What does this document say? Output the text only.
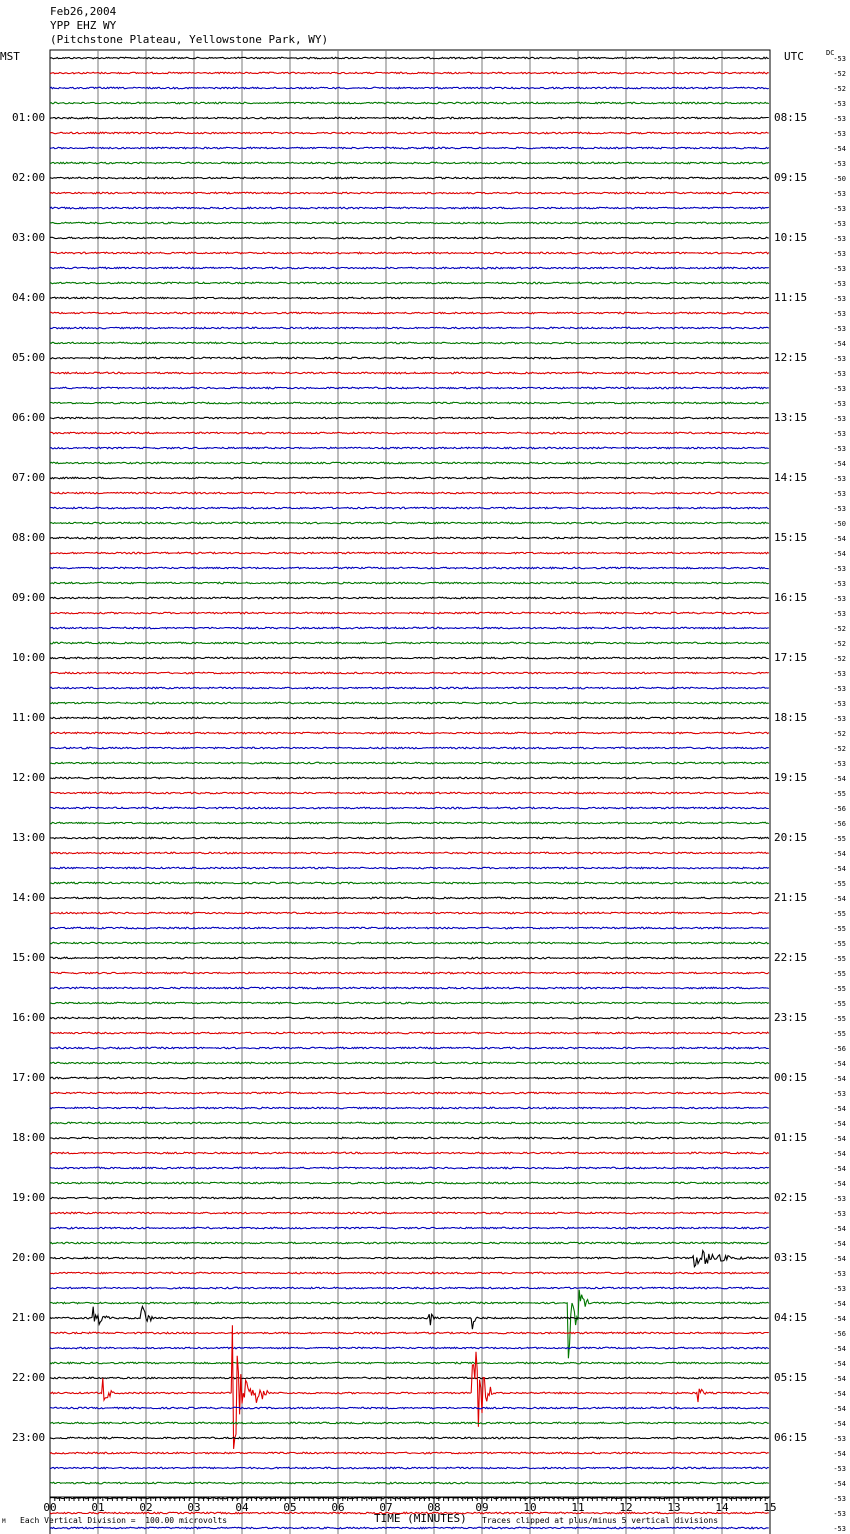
Feb26,2004
YPP EHZ WY
(Pitchstone Plateau, Yellowstone Park, WY)
MST	UTC	DC
00	01	02	03	04	05	06	07	08	09	10	11	12	13	14	15
-53
-52
-52
-53
-53
-53
-54
-53
-50
-53
-53
-53
-53
-53
-53
-53
-53
-53
-53
-54
-53
-53
-53
-53
-53
-53
-53
-54
-53
-53
-53
-50
-54
-54
-53
-53
-53
-53
-52
-52
-52
-53
-53
-53
-53
-52
-52
-53
-54
-55
-56
-56
-55
-54
-54
-55
-54
-55
-55
-55
-55
-55
-55
-55
-55
-55
-56
-54
-54
-53
-54
-54
-54
-54
-54
-54
-53
-53
-54
-54
-54
-53
-53
-54
-54
-56
-54
-54
-54
-54
-54
-54
-53
-54
-53
-54
-53
-53
-53
01:00	08:15
02:00	09:15
03:00	10:15
04:00	11:15
05:00	12:15
06:00	13:15
07:00	14:15
08:00	15:15
09:00	16:15
10:00	17:15
11:00	18:15
12:00	19:15
13:00	20:15
14:00	21:15
15:00	22:15
16:00	23:15
17:00	00:15
18:00	01:15
19:00	02:15
20:00	03:15
21:00	04:15
22:00	05:15
23:00	06:15
M Each Vertical Division =  100.00 microvolts	TIME (MINUTES) Traces clipped at plus/minus 5 vertical divisions
